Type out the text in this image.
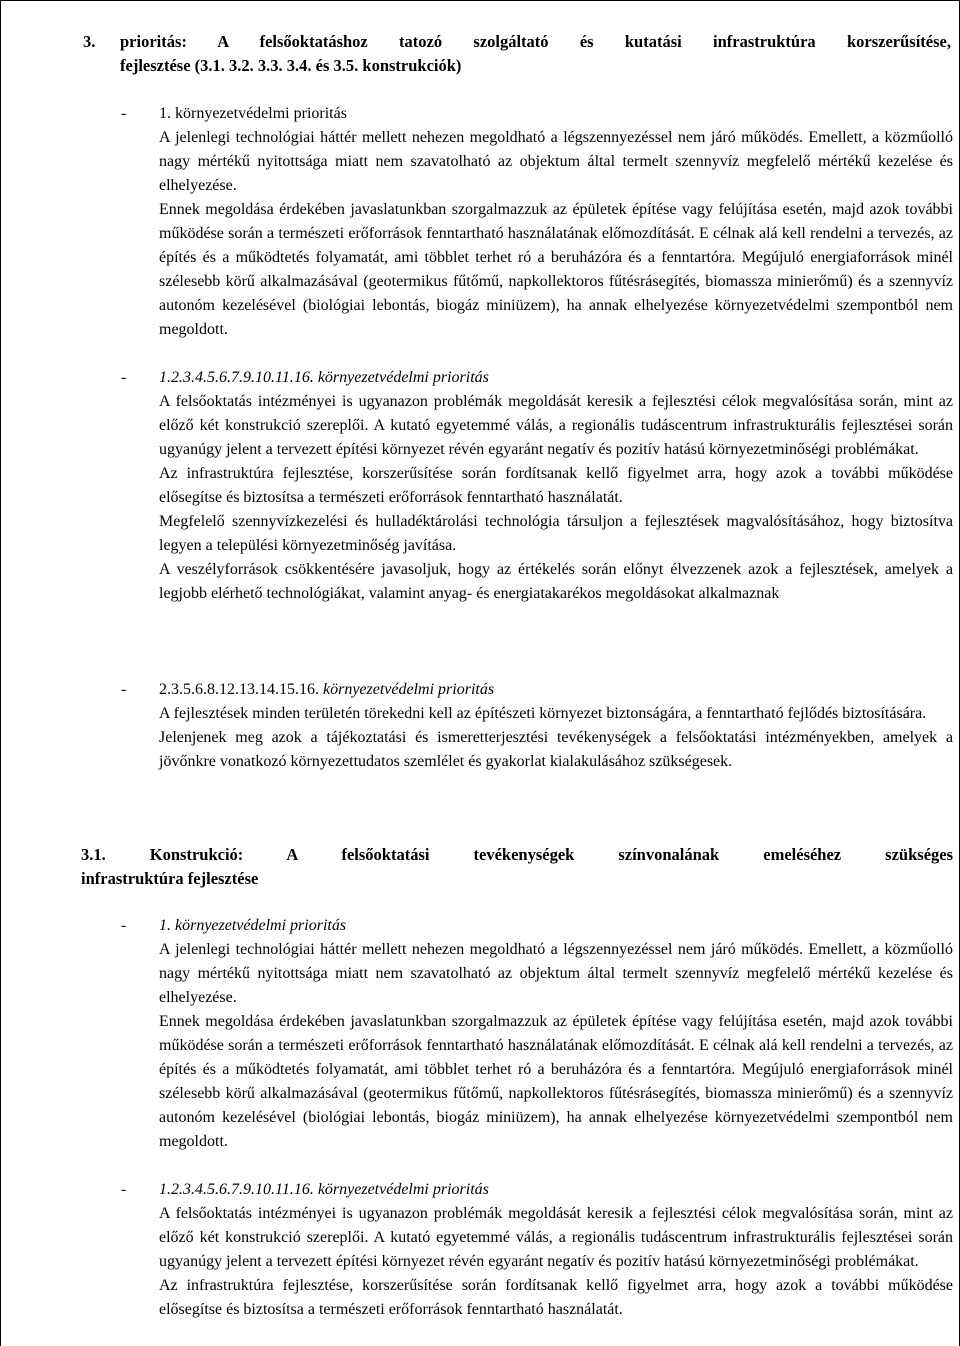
3. prioritás: A felsőoktatáshoz tatozó szolgáltató és kutatási infrastruktúra korszerűsítése,
fejlesztése (3.1. 3.2. 3.3. 3.4. és 3.5. konstrukciók)
-	1. környezetvédelmi prioritás
A jelenlegi technológiai háttér mellett nehezen megoldható a légszennyezéssel nem járó működés. Emellett, a közműolló nagy mértékű nyitottsága miatt nem szavatolható az objektum által termelt szennyvíz megfelelő mértékű kezelése és elhelyezése.
Ennek megoldása érdekében javaslatunkban szorgalmazzuk az épületek építése vagy felújítása esetén, majd azok további működése során a természeti erőforrások fenntartható használatának előmozdítását. E célnak alá kell rendelni a tervezés, az építés és a működtetés folyamatát, ami többlet terhet ró a beruházóra és a fenntartóra. Megújuló energiaforrások minél szélesebb körű alkalmazásával (geotermikus fűtőmű, napkollektoros fűtésrásegítés, biomassza minierőmű) és a szennyvíz autonóm kezelésével (biológiai lebontás, biogáz miniüzem), ha annak elhelyezése környezetvédelmi szempontból nem megoldott.
-	1.2.3.4.5.6.7.9.10.11.16. környezetvédelmi prioritás
A felsőoktatás intézményei is ugyanazon problémák megoldását keresik a fejlesztési célok megvalósítása során, mint az előző két konstrukció szereplői. A kutató egyetemmé válás, a regionális tudáscentrum infrastrukturális fejlesztései során ugyanúgy jelent a tervezett építési környezet révén egyaránt negatív és pozitív hatású környezetminőségi problémákat.
Az infrastruktúra fejlesztése, korszerűsítése során fordítsanak kellő figyelmet arra, hogy azok a további működése elősegítse és biztosítsa a természeti erőforrások fenntartható használatát.
Megfelelő szennyvízkezelési és hulladéktárolási technológia társuljon a fejlesztések magvalósításához, hogy biztosítva legyen a települési környezetminőség javítása.
A veszélyforrások csökkentésére javasoljuk, hogy az értékelés során előnyt élvezzenek azok a fejlesztések, amelyek a legjobb elérhető technológiákat, valamint anyag- és energiatakarékos megoldásokat alkalmaznak
-	2.3.5.6.8.12.13.14.15.16. környezetvédelmi prioritás
A fejlesztések minden területén törekedni kell az építészeti környezet biztonságára, a fenntartható fejlődés biztosítására.
Jelenjenek meg azok a tájékoztatási és ismeretterjesztési tevékenységek a felsőoktatási intézményekben, amelyek a jövőnkre vonatkozó környezettudatos szemlélet és gyakorlat kialakulásához szükségesek.
3.1.	Konstrukció: A felsőoktatási tevékenységek színvonalának emeléséhez szükséges
infrastruktúra fejlesztése
-	1. környezetvédelmi prioritás
A jelenlegi technológiai háttér mellett nehezen megoldható a légszennyezéssel nem járó működés. Emellett, a közműolló nagy mértékű nyitottsága miatt nem szavatolható az objektum által termelt szennyvíz megfelelő mértékű kezelése és elhelyezése.
Ennek megoldása érdekében javaslatunkban szorgalmazzuk az épületek építése vagy felújítása esetén, majd azok további működése során a természeti erőforrások fenntartható használatának előmozdítását. E célnak alá kell rendelni a tervezés, az építés és a működtetés folyamatát, ami többlet terhet ró a beruházóra és a fenntartóra. Megújuló energiaforrások minél szélesebb körű alkalmazásával (geotermikus fűtőmű, napkollektoros fűtésrásegítés, biomassza minierőmű) és a szennyvíz autonóm kezelésével (biológiai lebontás, biogáz miniüzem), ha annak elhelyezése környezetvédelmi szempontból nem megoldott.
-	1.2.3.4.5.6.7.9.10.11.16. környezetvédelmi prioritás
A felsőoktatás intézményei is ugyanazon problémák megoldását keresik a fejlesztési célok megvalósítása során, mint az előző két konstrukció szereplői. A kutató egyetemmé válás, a regionális tudáscentrum infrastrukturális fejlesztései során ugyanúgy jelent a tervezett építési környezet révén egyaránt negatív és pozitív hatású környezetminőségi problémákat.
Az infrastruktúra fejlesztése, korszerűsítése során fordítsanak kellő figyelmet arra, hogy azok a további működése elősegítse és biztosítsa a természeti erőforrások fenntartható használatát.
